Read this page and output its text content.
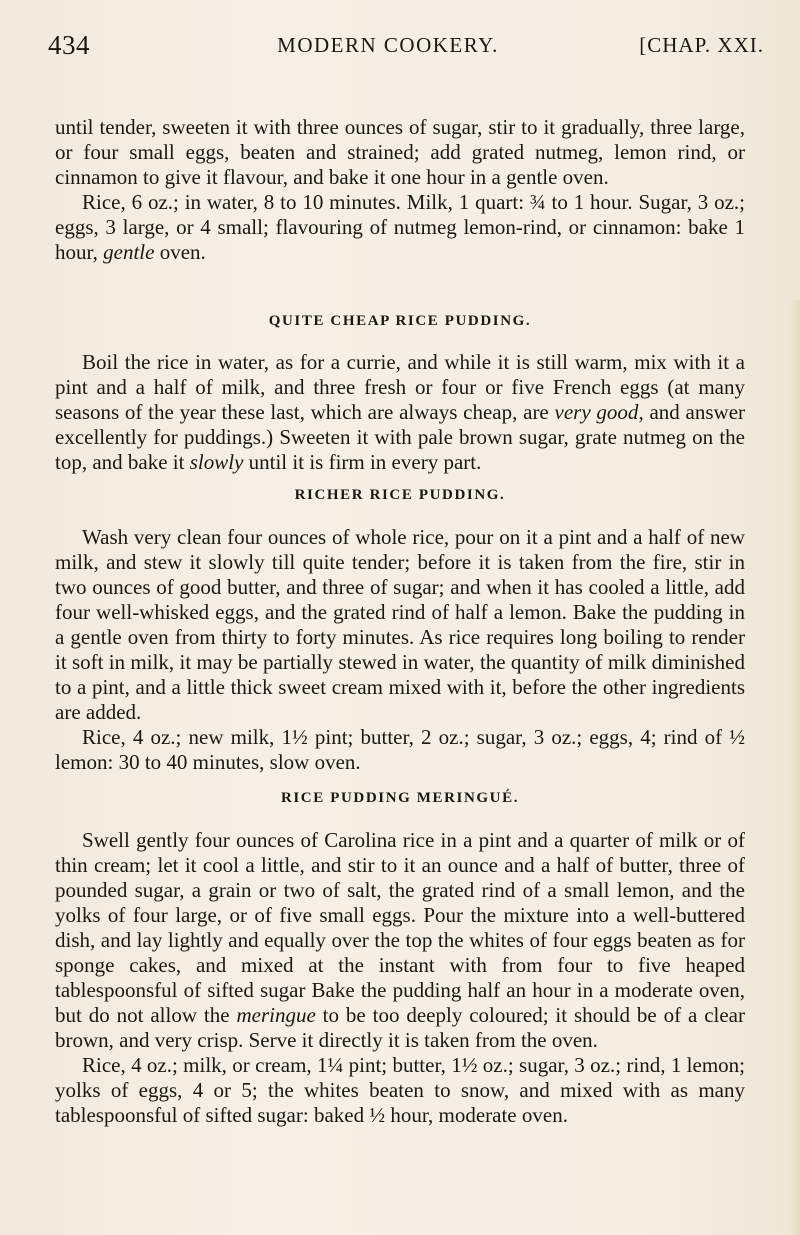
434	MODERN COOKERY.	[CHAP. XXI.

until tender, sweeten it with three ounces of sugar, stir to it gradually, three large, or four small eggs, beaten and strained; add grated nutmeg, lemon rind, or cinnamon to give it flavour, and bake it one hour in a gentle oven.

Rice, 6 oz.; in water, 8 to 10 minutes. Milk, 1 quart: ¾ to 1 hour. Sugar, 3 oz.; eggs, 3 large, or 4 small; flavouring of nutmeg lemon-rind, or cinnamon: bake 1 hour, gentle oven.

QUITE CHEAP RICE PUDDING.

Boil the rice in water, as for a currie, and while it is still warm, mix with it a pint and a half of milk, and three fresh or four or five French eggs (at many seasons of the year these last, which are always cheap, are very good, and answer excellently for puddings.) Sweeten it with pale brown sugar, grate nutmeg on the top, and bake it slowly until it is firm in every part.

RICHER RICE PUDDING.

Wash very clean four ounces of whole rice, pour on it a pint and a half of new milk, and stew it slowly till quite tender; before it is taken from the fire, stir in two ounces of good butter, and three of sugar; and when it has cooled a little, add four well-whisked eggs, and the grated rind of half a lemon. Bake the pudding in a gentle oven from thirty to forty minutes. As rice requires long boiling to render it soft in milk, it may be partially stewed in water, the quantity of milk diminished to a pint, and a little thick sweet cream mixed with it, before the other ingredients are added.

Rice, 4 oz.; new milk, 1½ pint; butter, 2 oz.; sugar, 3 oz.; eggs, 4; rind of ½ lemon: 30 to 40 minutes, slow oven.

RICE PUDDING MERINGUÉ.

Swell gently four ounces of Carolina rice in a pint and a quarter of milk or of thin cream; let it cool a little, and stir to it an ounce and a half of butter, three of pounded sugar, a grain or two of salt, the grated rind of a small lemon, and the yolks of four large, or of five small eggs. Pour the mixture into a well-buttered dish, and lay lightly and equally over the top the whites of four eggs beaten as for sponge cakes, and mixed at the instant with from four to five heaped tablespoonsful of sifted sugar Bake the pudding half an hour in a moderate oven, but do not allow the meringue to be too deeply coloured; it should be of a clear brown, and very crisp. Serve it directly it is taken from the oven.

Rice, 4 oz.; milk, or cream, 1¼ pint; butter, 1½ oz.; sugar, 3 oz.; rind, 1 lemon; yolks of eggs, 4 or 5; the whites beaten to snow, and mixed with as many tablespoonsful of sifted sugar: baked ½ hour, moderate oven.
